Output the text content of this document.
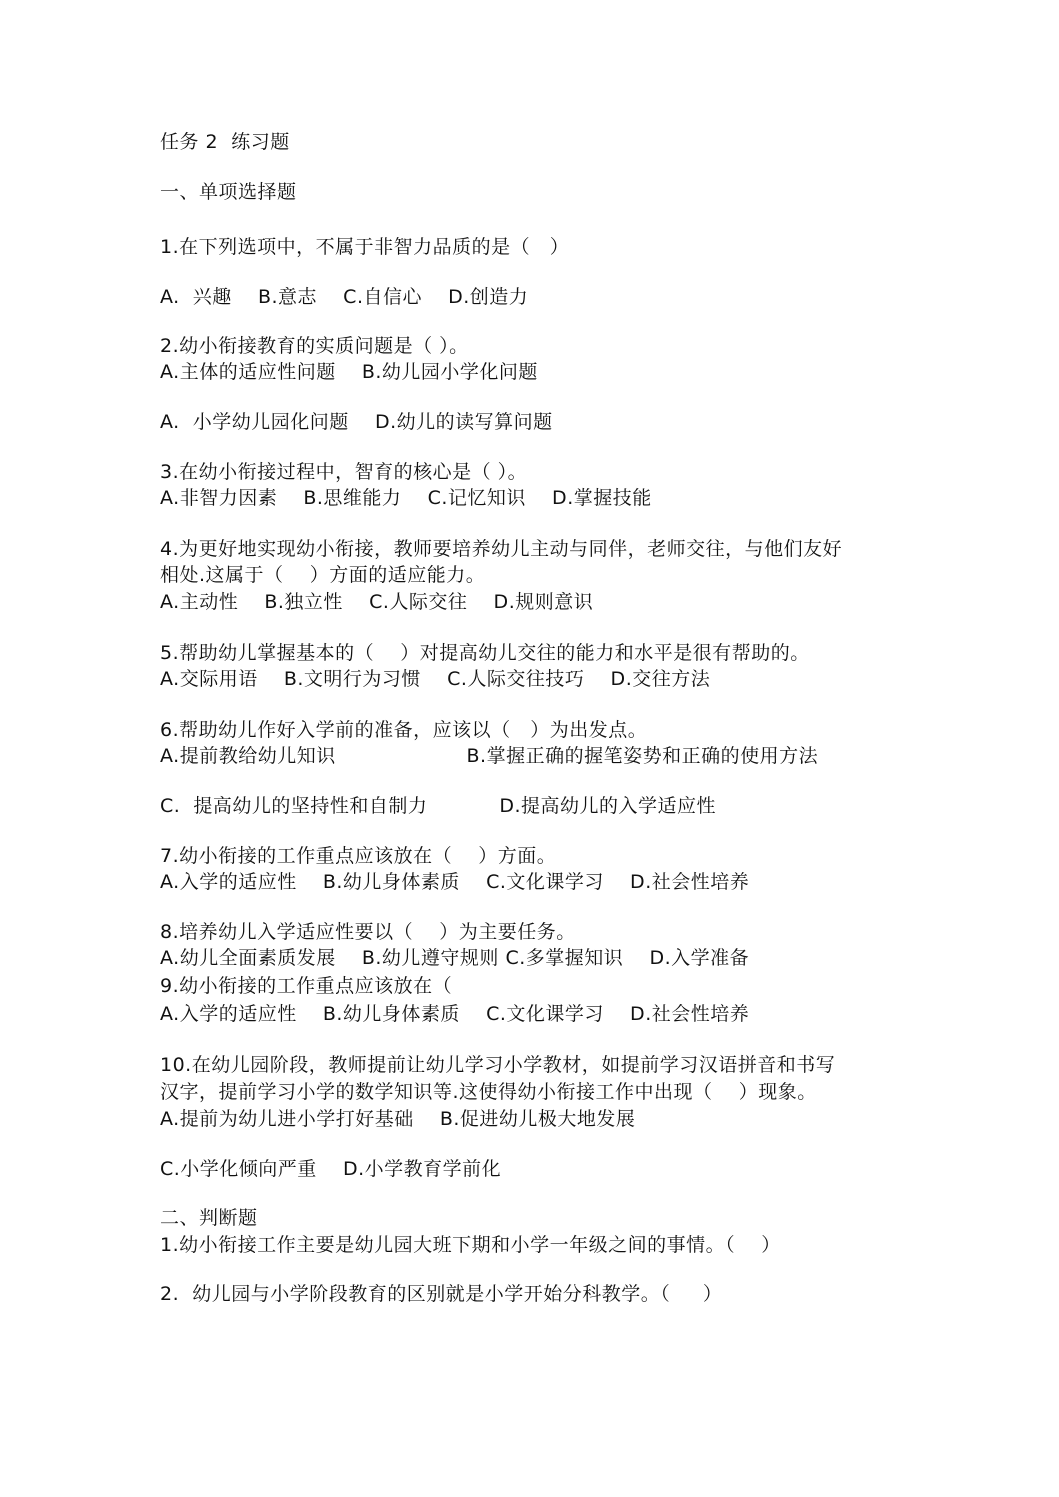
任务 2  练习题
一、单项选择题
1.在下列选项中，不属于非智力品质的是（   ）
A.  兴趣    B.意志    C.自信心    D.创造力
2.幼小衔接教育的实质问题是（ ）。
A.主体的适应性问题    B.幼儿园小学化问题
A.  小学幼儿园化问题    D.幼儿的读写算问题
3.在幼小衔接过程中，智育的核心是（ ）。
A.非智力因素    B.思维能力    C.记忆知识    D.掌握技能
4.为更好地实现幼小衔接，教师要培养幼儿主动与同伴，老师交往，与他们友好
相处.这属于（    ）方面的适应能力。
A.主动性    B.独立性    C.人际交往    D.规则意识
5.帮助幼儿掌握基本的（    ）对提高幼儿交往的能力和水平是很有帮助的。
A.交际用语    B.文明行为习惯    C.人际交往技巧    D.交往方法
6.帮助幼儿作好入学前的准备，应该以（   ）为出发点。
A.提前教给幼儿知识                    B.掌握正确的握笔姿势和正确的使用方法
C.  提高幼儿的坚持性和自制力           D.提高幼儿的入学适应性
7.幼小衔接的工作重点应该放在（    ）方面。
A.入学的适应性    B.幼儿身体素质    C.文化课学习    D.社会性培养
8.培养幼儿入学适应性要以（    ）为主要任务。
A.幼儿全面素质发展    B.幼儿遵守规则 C.多掌握知识    D.入学准备
9.幼小衔接的工作重点应该放在（
A.入学的适应性    B.幼儿身体素质    C.文化课学习    D.社会性培养
10.在幼儿园阶段，教师提前让幼儿学习小学教材，如提前学习汉语拼音和书写
汉字，提前学习小学的数学知识等.这使得幼小衔接工作中出现（    ）现象。
A.提前为幼儿进小学打好基础    B.促进幼儿极大地发展
C.小学化倾向严重    D.小学教育学前化
二、判断题
1.幼小衔接工作主要是幼儿园大班下期和小学一年级之间的事情。（    ）
2.  幼儿园与小学阶段教育的区别就是小学开始分科教学。（     ）
